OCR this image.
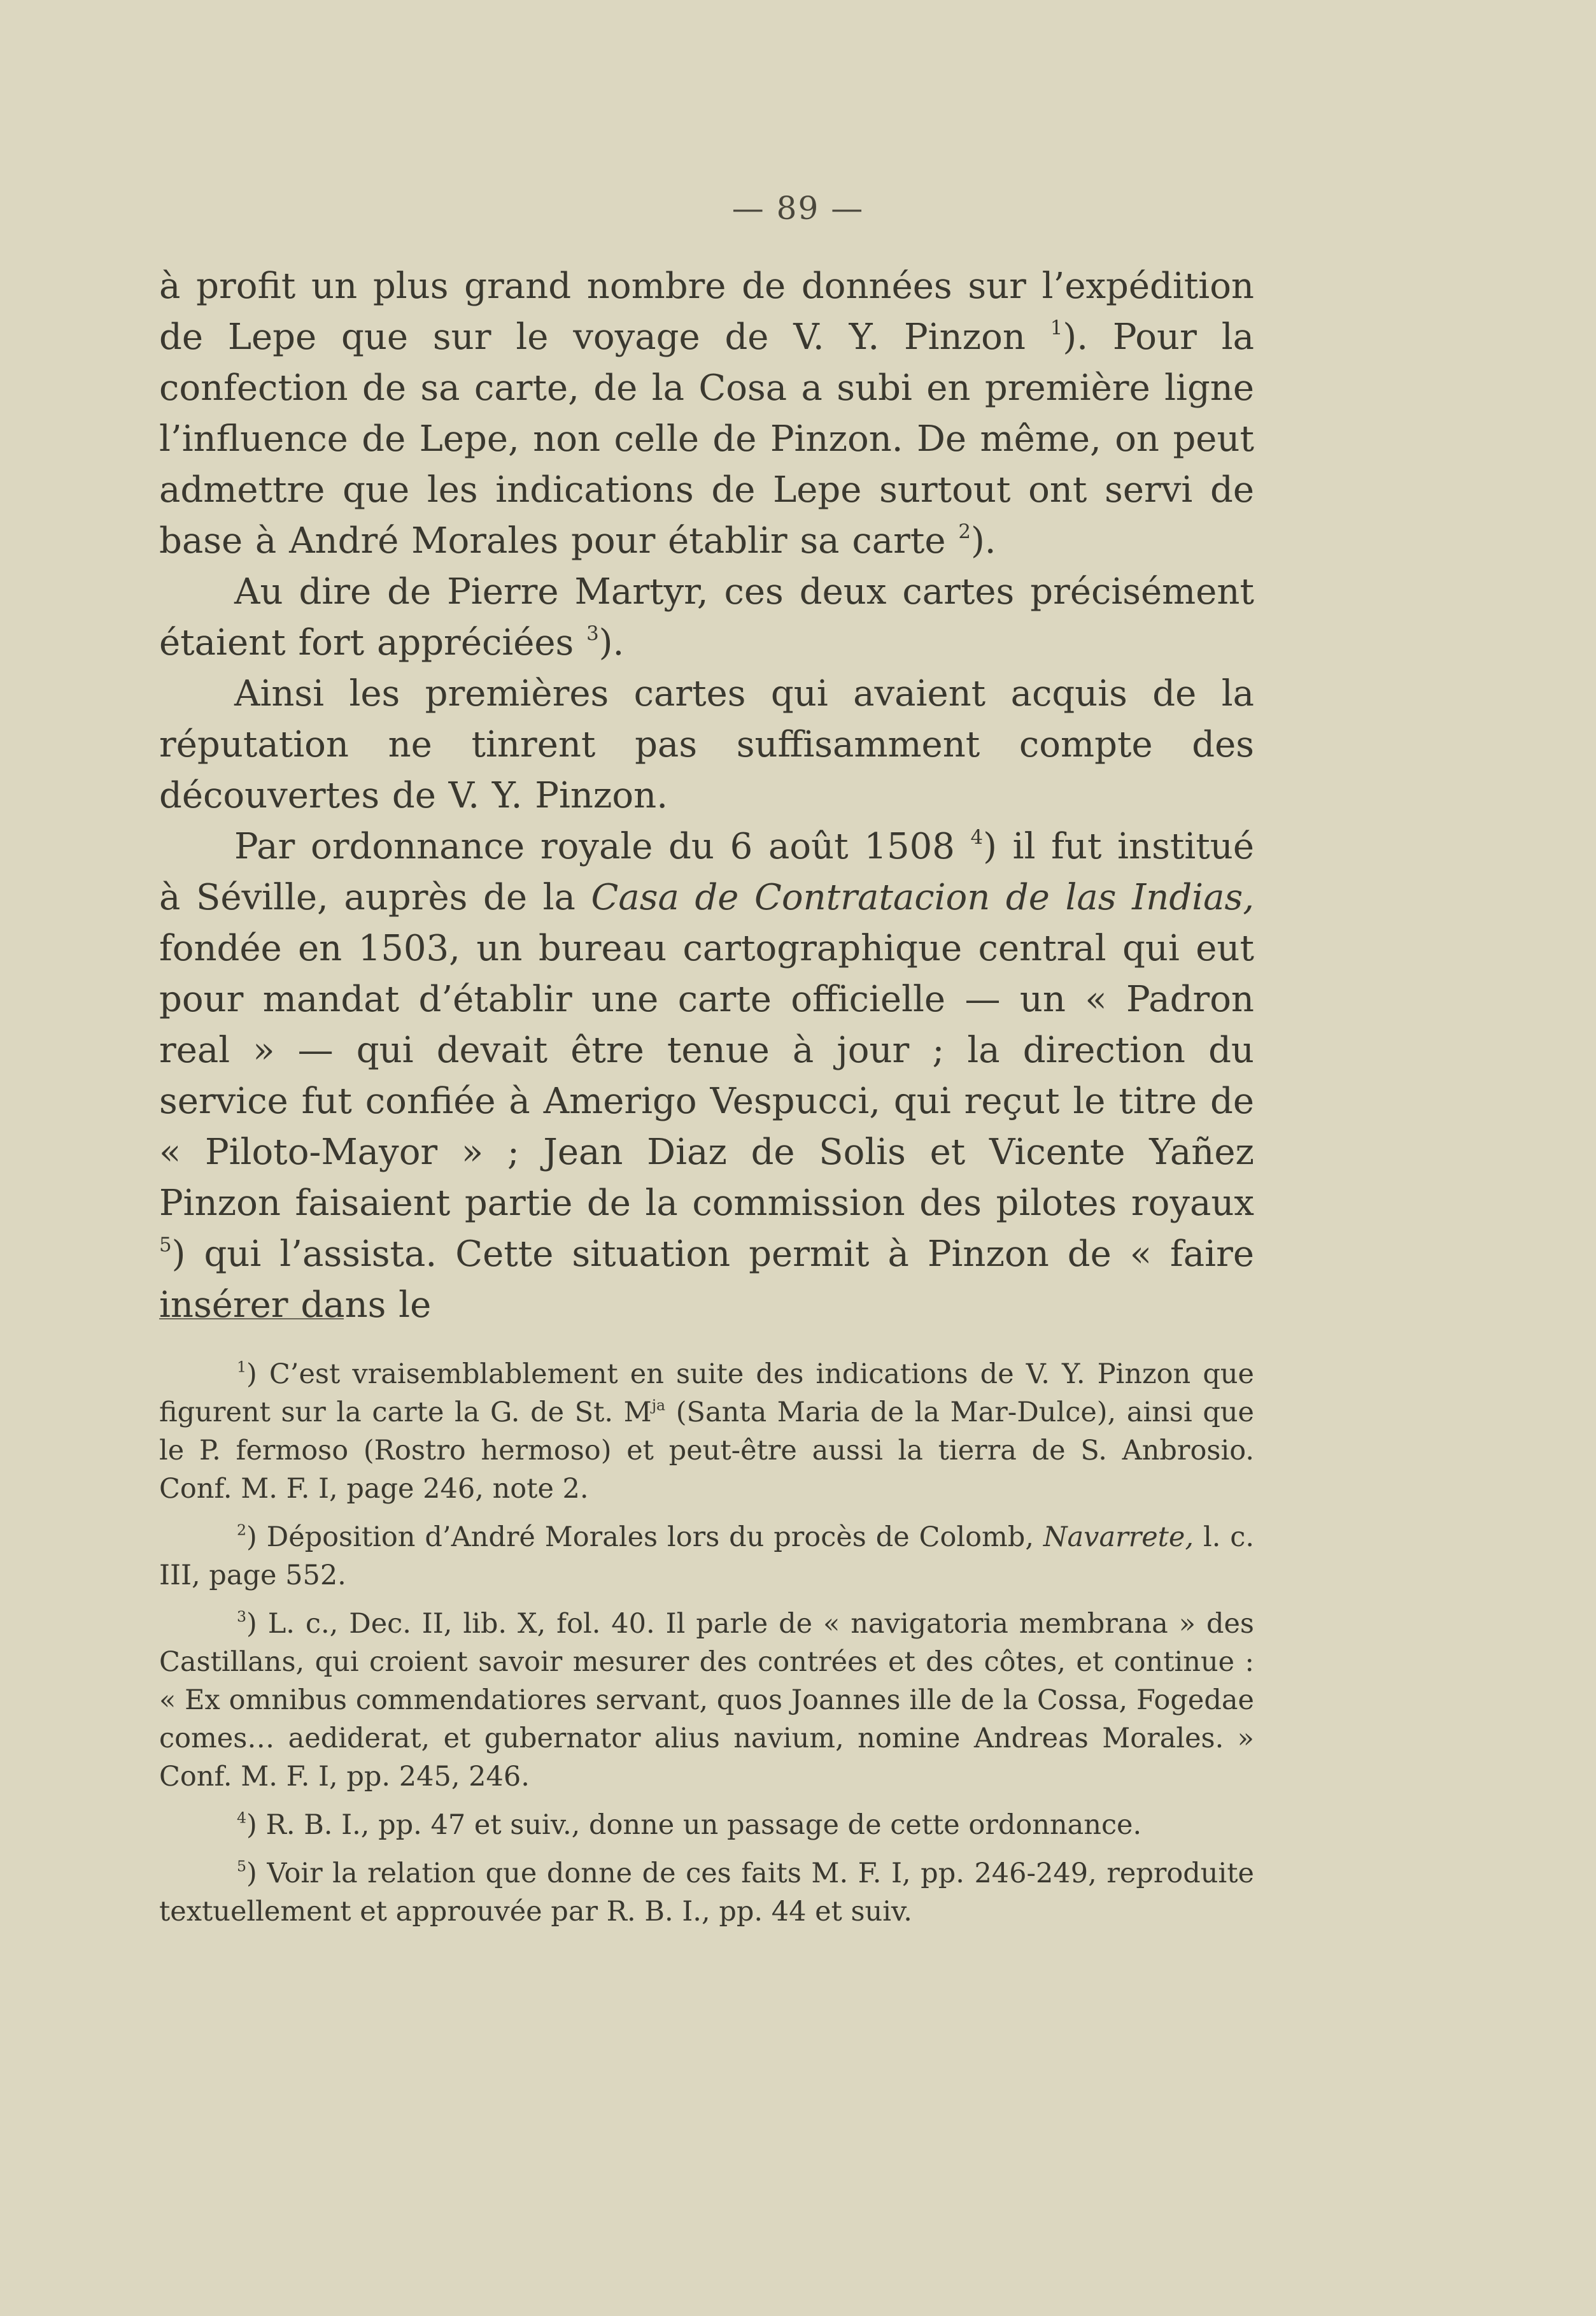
— 89 —

à profit un plus grand nombre de données sur l’expédition de Lepe que sur le voyage de V. Y. Pinzon $^1$). Pour la confection de sa carte, de la Cosa a subi en première ligne l’influence de Lepe, non celle de Pinzon. De même, on peut admettre que les indications de Lepe surtout ont servi de base à André Morales pour établir sa carte $^2$).

Au dire de Pierre Martyr, ces deux cartes précisément étaient fort appréciées $^3$).

Ainsi les premières cartes qui avaient acquis de la réputation ne tinrent pas suffisamment compte des découvertes de V. Y. Pinzon.

Par ordonnance royale du 6 août 1508 $^4$) il fut institué à Séville, auprès de la Casa de Contratacion de las Indias, fondée en 1503, un bureau cartographique central qui eut pour mandat d’établir une carte officielle — un « Padron real » — qui devait être tenue à jour ; la direction du service fut confiée à Amerigo Vespucci, qui reçut le titre de « Piloto-Mayor » ; Jean Diaz de Solis et Vicente Yañez Pinzon faisaient partie de la commission des pilotes royaux $^5$) qui l’assista. Cette situation permit à Pinzon de « faire insérer dans le

$^1$) C’est vraisemblablement en suite des indications de V. Y. Pinzon que figurent sur la carte la G. de St. $M^{ja}$ (Santa Maria de la Mar-Dulce), ainsi que le P. fermoso (Rostro hermoso) et peut-être aussi la tierra de S. Anbrosio. Conf. M. F. I, page 246, note 2.

$^2$) Déposition d’André Morales lors du procès de Colomb, Navarrete, l. c. III, page 552.

$^3$) L. c., Dec. II, lib. X, fol. 40. Il parle de « navigatoria membrana » des Castillans, qui croient savoir mesurer des contrées et des côtes, et continue : « Ex omnibus commendatiores servant, quos Joannes ille de la Cossa, Fogedae comes… aediderat, et gubernator alius navium, nomine Andreas Morales. » Conf. M. F. I, pp. 245, 246.

$^4$) R. B. I., pp. 47 et suiv., donne un passage de cette ordonnance.

$^5$) Voir la relation que donne de ces faits M. F. I, pp. 246-249, reproduite textuellement et approuvée par R. B. I., pp. 44 et suiv.
